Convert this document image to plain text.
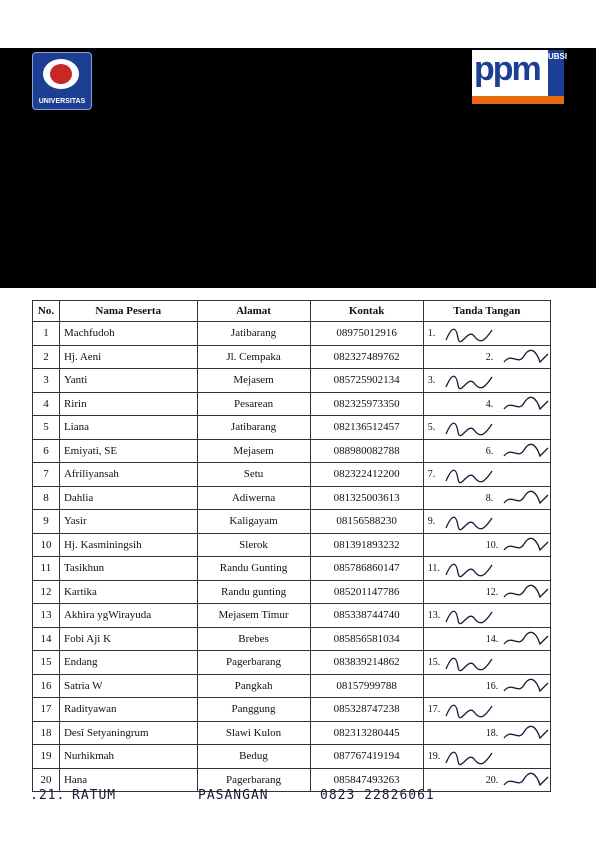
UNIVERSITAS
ppm UBSI
No.	Nama Peserta	Alamat	Kontak	Tanda Tangan
1	Machfudoh	Jatibarang	08975012916	1.

2	Hj. Aeni	Jl. Cempaka	082327489762	2.

3	Yanti	Mejasem	085725902134	3.

4	Ririn	Pesarean	082325973350	4.

5	Liana	Jatibarang	082136512457	5.

6	Emiyati, SE	Mejasem	088980082788	6.

7	Afriliyansah	Setu	082322412200	7.

8	Dahlia	Adiwerna	081325003613	8.

9	Yasir	Kaligayam	08156588230	9.

10	Hj. Kasminingsih	Slerok	081391893232	10.

11	Tasikhun	Randu Gunting	085786860147	11.

12	Kartika	Randu gunting	085201147786	12.

13	Akhira ygWirayuda	Mejasem Timur	085338744740	13.

14	Fobi Aji K	Brebes	085856581034	14.

15	Endang	Pagerbarang	083839214862	15.

16	Satria W	Pangkah	08157999788	16.

17	Radityawan	Panggung	085328747238	17.

18	Desî Setyaningrum	Slawi Kulon	082313280445	18.

19	Nurhikmah	Bedug	087767419194	19.

20	Hana	Pagerbarang	085847493263	20.
.21. RATUM	PASANGAN	0823 22826061
